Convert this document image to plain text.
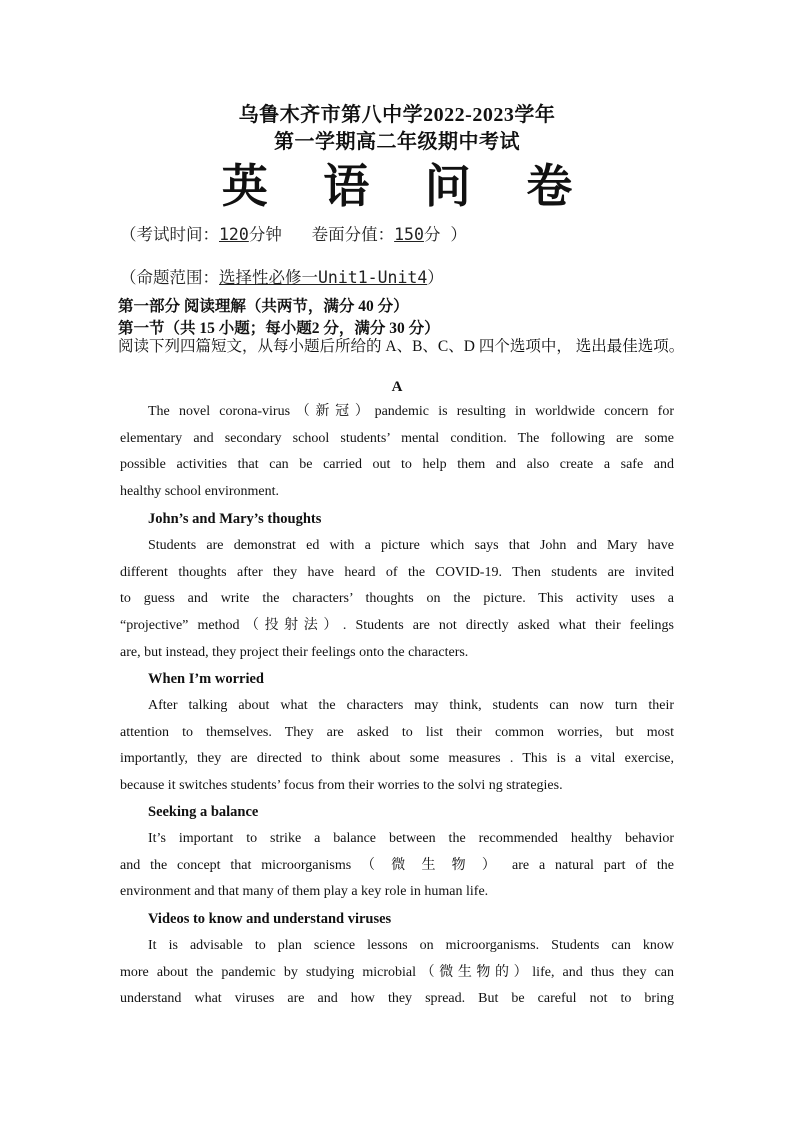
乌鲁木齐市第八中学2022-2023学年
第一学期高二年级期中考试
英 语 问 卷
（考试时间：120分钟   卷面分值：150分 ）
（命题范围：选择性必修一Unit1-Unit4）
第一部分 阅读理解（共两节，满分 40 分）
第一节（共 15 小题；每小题2 分，满分 30 分）
阅读下列四篇短文，从每小题后所给的 A、B、C、D 四个选项中， 选出最佳选项。
A
The novel corona-virus（新冠）pandemic is resulting in worldwide concern for
elementary and secondary school students’ mental condition. The following are some
possible activities that can be carried out to help them and also create a safe and
healthy school environment.
John’s and Mary’s thoughts
Students are demonstrat ed with a picture which says that John and Mary have
different thoughts after they have heard of the COVID-19. Then students are invited
to guess and write the characters’ thoughts on the picture. This activity uses a
“projective” method（投射法）. Students are not directly asked what their feelings
are, but instead, they project their feelings onto the characters.
When I’m worried
After talking about what the characters may think, students can now turn their
attention to themselves. They are asked to list their common worries, but most
importantly, they are directed to think about some measures . This is a vital exercise,
because it switches students’ focus from their worries to the solvi ng strategies.
Seeking a balance
It’s important to strike a balance between the recommended healthy behavior
and the concept that microorganisms （ 微 生 物 ） are a natural part of the
environment and that many of them play a key role in human life.
Videos to know and understand viruses
It is advisable to plan science lessons on microorganisms. Students can know
more about the pandemic by studying microbial（微生物的）life, and thus they can
understand what viruses are and how they spread. But be careful not to bring
